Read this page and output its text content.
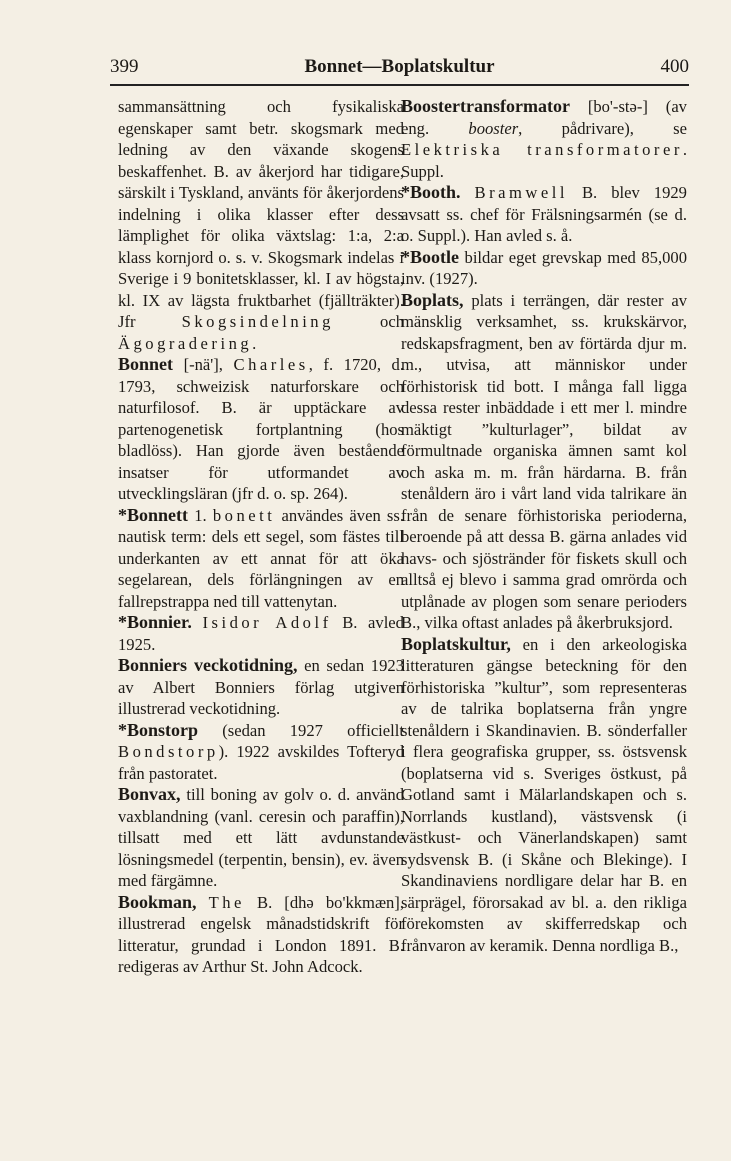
399	Bonnet—Boplatskultur	400

sammansättning och fysikaliska egenskaper samt betr. skogsmark med ledning av den växande skogens beskaffenhet. B. av åkerjord har tidigare, särskilt i Tyskland, använts för åkerjordens indelning i olika klasser efter dess lämplighet för olika växtslag: 1:a, 2:a klass kornjord o. s. v. Skogsmark indelas i Sverige i 9 bonitetsklasser, kl. I av högsta, kl. IX av lägsta fruktbarhet (fjällträkter). Jfr	Skogsindelning	och Ägogradering.

Bonnet [-nä'], Charles, f. 1720, d. 1793, schweizisk naturforskare och naturfilosof. B. är upptäckare av partenogenetisk fortplantning (hos bladlöss). Han gjorde även bestående insatser för utformandet av utvecklingsläran (jfr d. o. sp. 264).

*Bonnett 1. bonett användes även ss. nautisk term: dels ett segel, som fästes till underkanten av ett annat för att öka segelarean, dels förlängningen av en fallrepstrappa ned till vattenytan.

*Bonnier. Isidor Adolf B. avled 1925.

Bonniers veckotidning, en sedan 1923 av Albert Bonniers förlag utgiven illustrerad veckotidning.

*Bonstorp (sedan 1927 officiellt Bondstorp). 1922 avskildes Tofteryd från pastoratet.

Bonvax, till boning av golv o. d. använd vaxblandning (vanl. ceresin och paraffin), tillsatt med ett lätt avdunstande lösningsmedel (terpentin, bensin), ev. även med färgämne.

Bookman, The B. [dhə bo'kkmæn], illustrerad engelsk månadstidskrift för litteratur, grundad i London 1891. B. redigeras av Arthur St. John Adcock.

Boostertransformator [bo'-stə-] (av eng. booster, pådrivare), se Elektriska transformatorer. Suppl.

*Booth. Bramwell B. blev 1929 avsatt ss. chef för Frälsningsarmén (se d. o. Suppl.). Han avled s. å.

*Bootle bildar eget grevskap med 85,000 inv. (1927).

Boplats, plats i terrängen, där rester av mänsklig verksamhet, ss. krukskärvor, redskapsfragment, ben av förtärda djur m. m., utvisa, att människor under förhistorisk tid bott. I många fall ligga dessa rester inbäddade i ett mer l. mindre mäktigt ”kulturlager”, bildat av förmultnade organiska ämnen samt kol och aska m. m. från härdarna. B. från stenåldern äro i vårt land vida talrikare än från de senare förhistoriska perioderna, beroende på att dessa B. gärna anlades vid havs- och sjöstränder för fiskets skull och alltså ej blevo i samma grad omrörda och utplånade av plogen som senare perioders B., vilka oftast anlades på åkerbruksjord.

Boplatskultur, en i den arkeologiska litteraturen gängse beteckning för den förhistoriska ”kultur”, som representeras av de talrika boplatserna från yngre stenåldern i Skandinavien. B. sönderfaller i flera geografiska grupper, ss. östsvensk (boplatserna vid s. Sveriges östkust, på Gotland samt i Mälarlandskapen och s. Norrlands kustland), västsvensk (i västkust- och Vänerlandskapen) samt sydsvensk B. (i Skåne och Blekinge). I Skandinaviens nordligare delar har B. en särprägel, förorsakad av bl. a. den rikliga förekomsten av skifferredskap och frånvaron av keramik. Denna nordliga B.,
